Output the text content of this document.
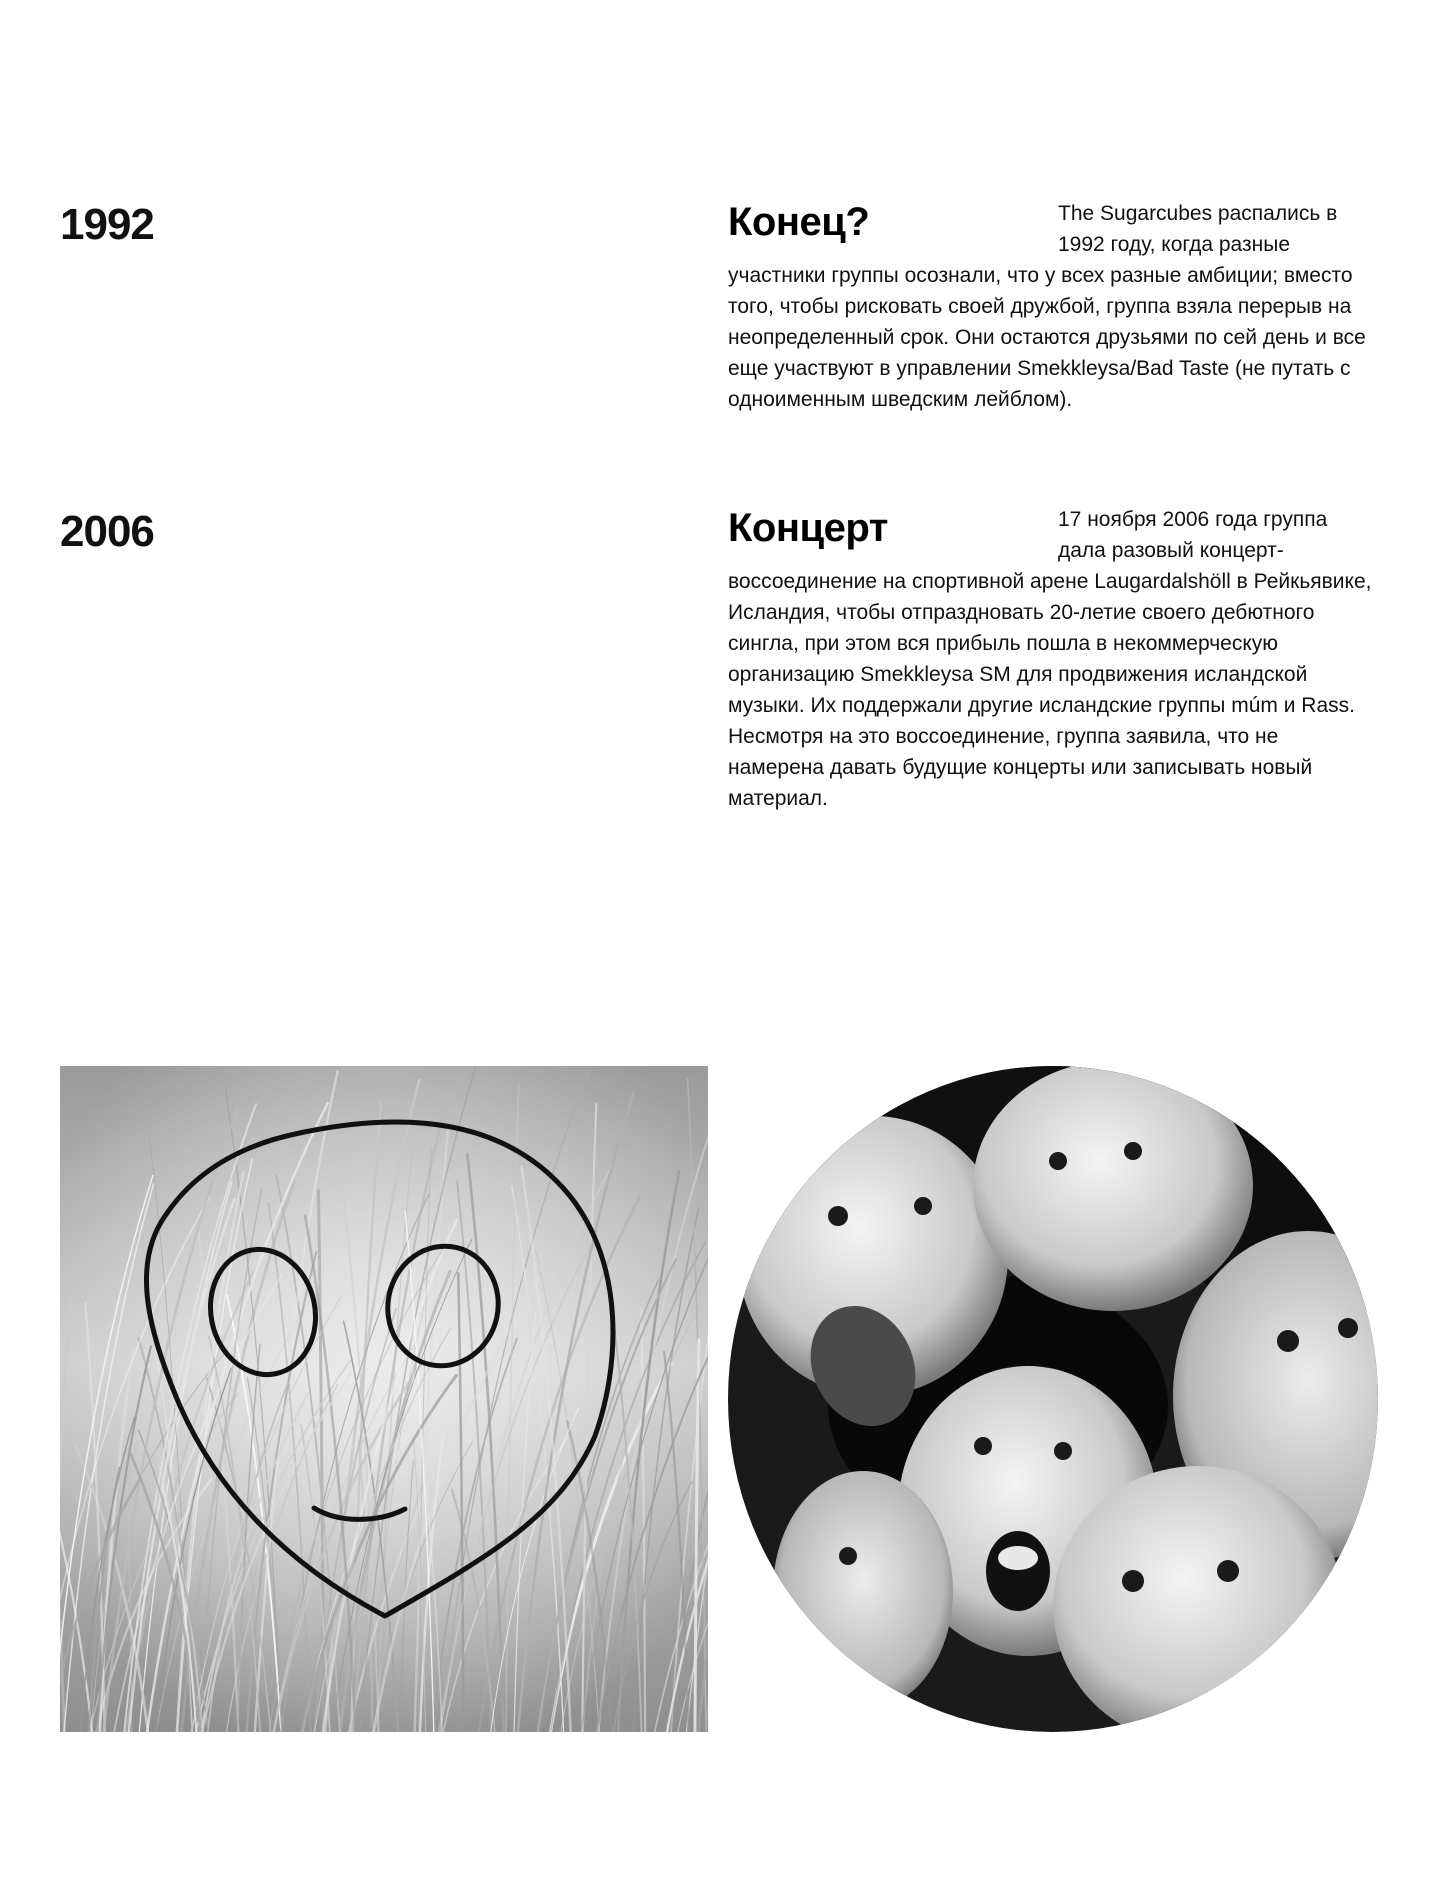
1992	Конец?	The Sugarcubes распались в 1992 году, когда разные участники группы осознали, что у всех разные амбиции; вместо того, чтобы рисковать своей дружбой, группа взяла перерыв на неопределенный срок. Они остаются друзьями по сей день и все еще участвуют в управлении Smekkleysa/Bad Taste (не путать с одноименным шведским лейблом).

2006	Концерт	17 ноября 2006 года группа дала разовый концерт-воссоединение на спортивной арене Laugardalshöll в Рейкьявике, Исландия, чтобы отпраздновать 20-летие своего дебютного сингла, при этом вся прибыль пошла в некоммерческую организацию Smekkleysa SM для продвижения исландской музыки. Их поддержали другие исландские группы múm и Rass. Несмотря на это воссоединение, группа заявила, что не намерена давать будущие концерты или записывать новый материал.
